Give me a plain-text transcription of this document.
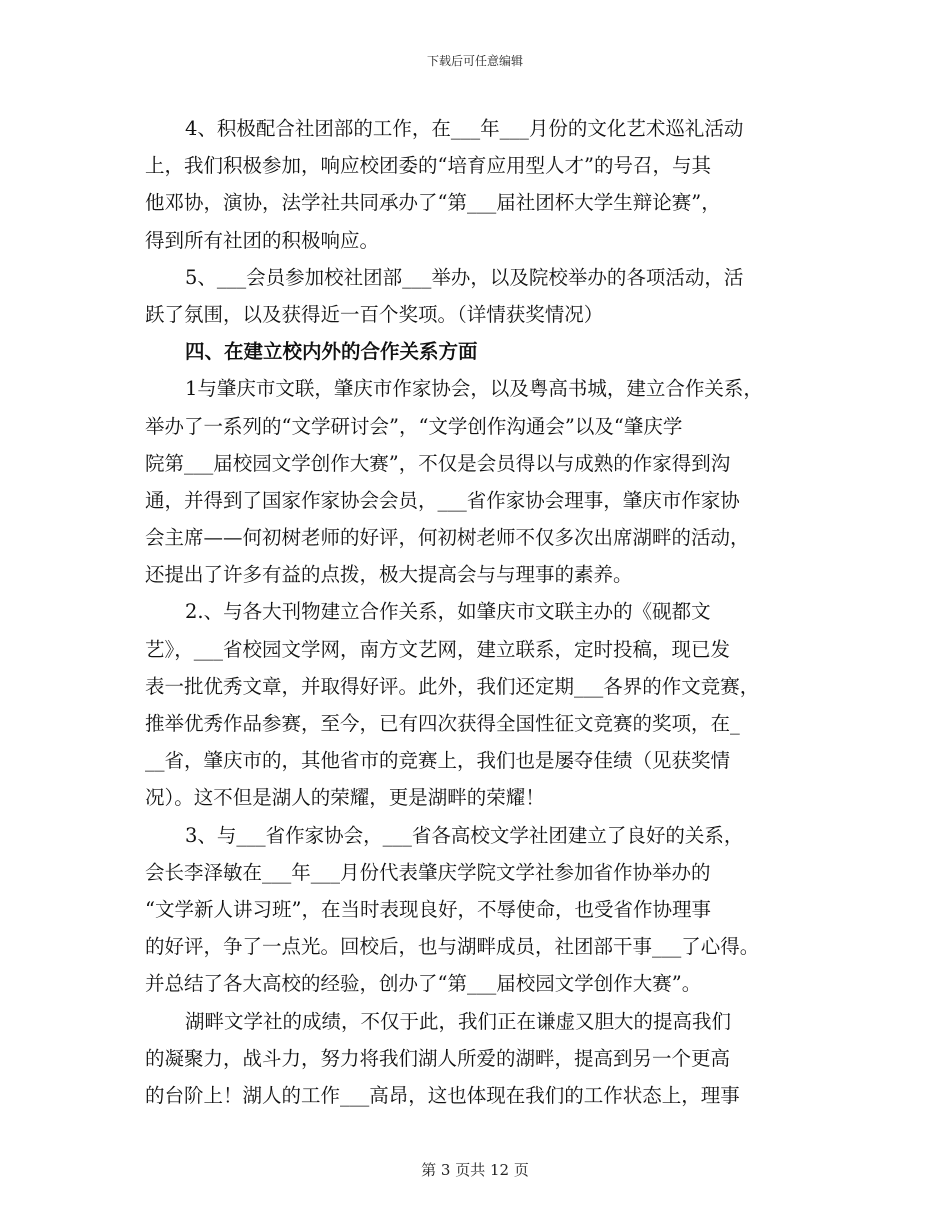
下载后可任意编辑
4、积极配合社团部的工作，在___年___月份的文化艺术巡礼活动
上，我们积极参加，响应校团委的“培育应用型人才”的号召，与其
他邓协，演协，法学社共同承办了“第___届社团杯大学生辩论赛”，
得到所有社团的积极响应。
5、___会员参加校社团部___举办，以及院校举办的各项活动，活
跃了氛围，以及获得近一百个奖项。（详情获奖情况）
四、在建立校内外的合作关系方面
1与肇庆市文联，肇庆市作家协会，以及粤高书城，建立合作关系，
举办了一系列的“文学研讨会”，“文学创作沟通会”以及“肇庆学
院第___届校园文学创作大赛”，不仅是会员得以与成熟的作家得到沟
通，并得到了国家作家协会会员，___省作家协会理事，肇庆市作家协
会主席——何初树老师的好评，何初树老师不仅多次出席湖畔的活动，
还提出了许多有益的点拨，极大提高会与与理事的素养。
2.、与各大刊物建立合作关系，如肇庆市文联主办的《砚都文
艺》，___省校园文学网，南方文艺网，建立联系，定时投稿，现已发
表一批优秀文章，并取得好评。此外，我们还定期___各界的作文竞赛，
推举优秀作品参赛，至今，已有四次获得全国性征文竞赛的奖项，在_
__省，肇庆市的，其他省市的竞赛上，我们也是屡夺佳绩（见获奖情
况）。这不但是湖人的荣耀，更是湖畔的荣耀！
3、与___省作家协会，___省各高校文学社团建立了良好的关系，
会长李泽敏在___年___月份代表肇庆学院文学社参加省作协举办的
“文学新人讲习班”，在当时表现良好，不辱使命，也受省作协理事
的好评，争了一点光。回校后，也与湖畔成员，社团部干事___了心得。
并总结了各大高校的经验，创办了“第___届校园文学创作大赛”。
湖畔文学社的成绩，不仅于此，我们正在谦虚又胆大的提高我们
的凝聚力，战斗力，努力将我们湖人所爱的湖畔，提高到另一个更高
的台阶上！湖人的工作___高昂，这也体现在我们的工作状态上，理事
第 3 页共 12 页
